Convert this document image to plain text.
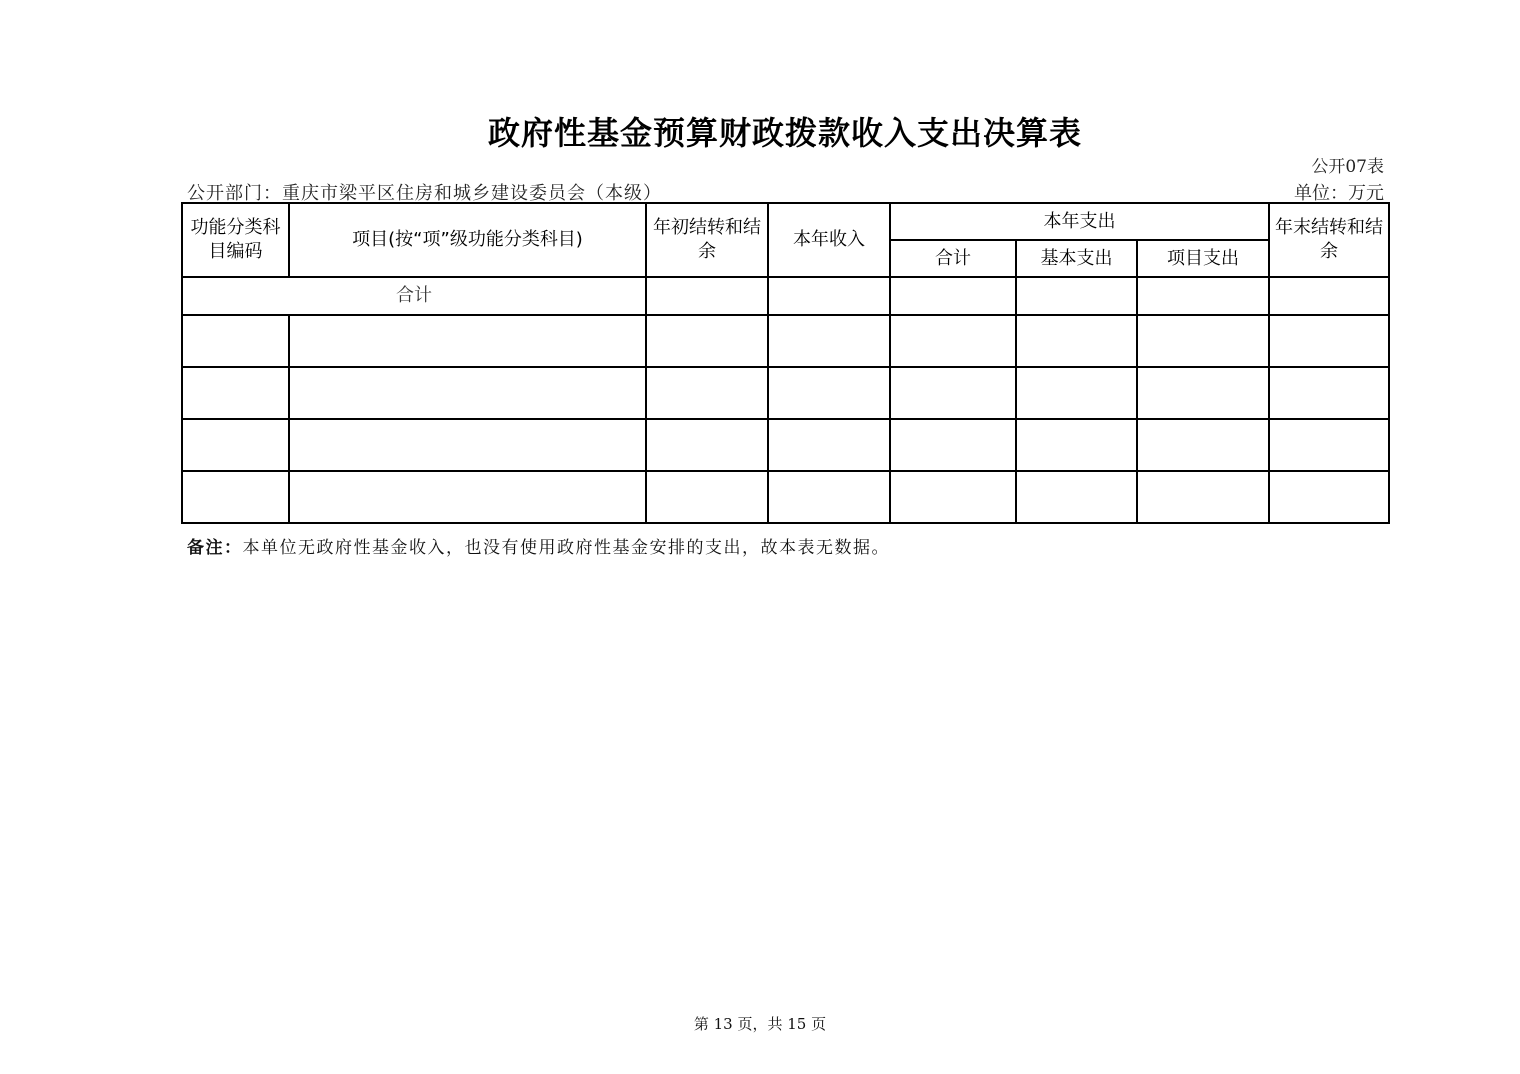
政府性基金预算财政拨款收入支出决算表
公开07表
公开部门：重庆市梁平区住房和城乡建设委员会（本级）	单位：万元
功能分类科目编码	项目(按“项”级功能分类科目)	年初结转和结余	本年收入	本年支出			年末结转和结余
				合计	基本支出	项目支出	
合计							

备注：本单位无政府性基金收入，也没有使用政府性基金安排的支出，故本表无数据。
第 13 页，共 15 页
